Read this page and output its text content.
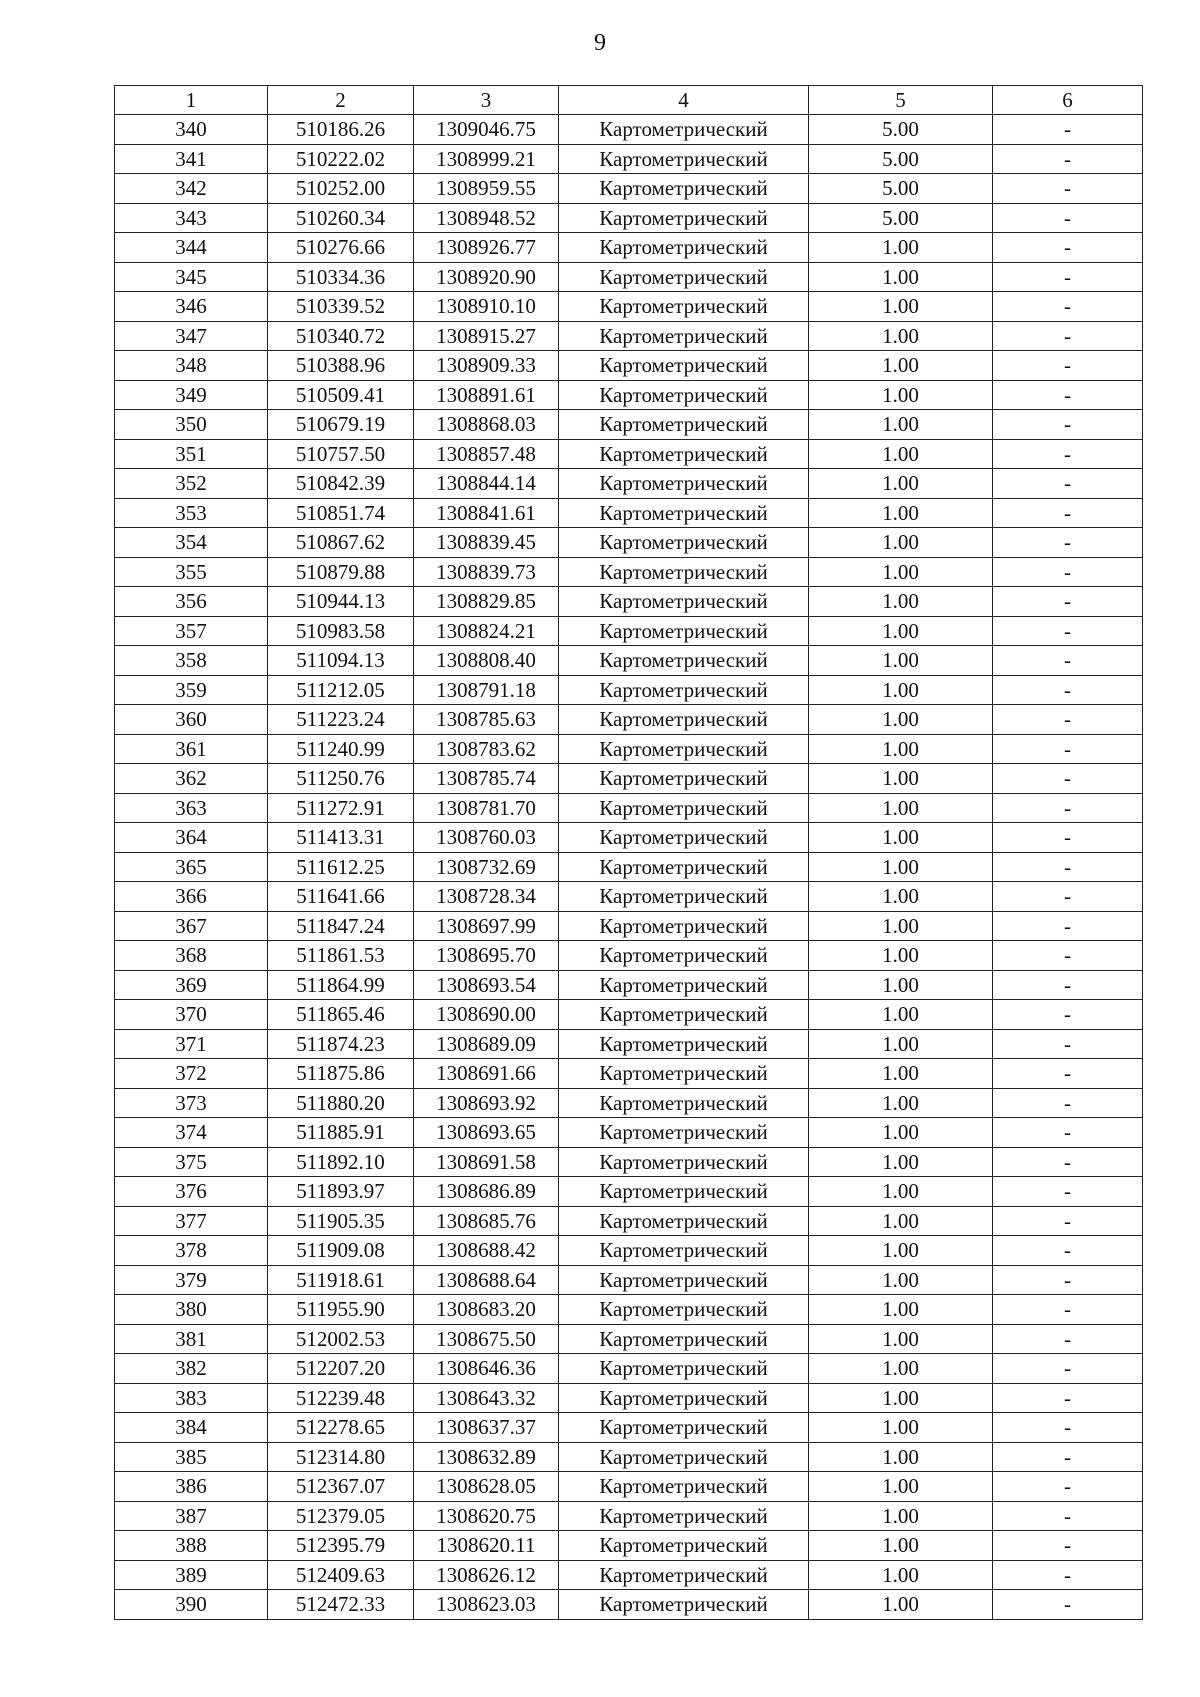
9
1	2	3	4	5	6
340	510186.26	1309046.75	Картометрический	5.00	-
341	510222.02	1308999.21	Картометрический	5.00	-
342	510252.00	1308959.55	Картометрический	5.00	-
343	510260.34	1308948.52	Картометрический	5.00	-
344	510276.66	1308926.77	Картометрический	1.00	-
345	510334.36	1308920.90	Картометрический	1.00	-
346	510339.52	1308910.10	Картометрический	1.00	-
347	510340.72	1308915.27	Картометрический	1.00	-
348	510388.96	1308909.33	Картометрический	1.00	-
349	510509.41	1308891.61	Картометрический	1.00	-
350	510679.19	1308868.03	Картометрический	1.00	-
351	510757.50	1308857.48	Картометрический	1.00	-
352	510842.39	1308844.14	Картометрический	1.00	-
353	510851.74	1308841.61	Картометрический	1.00	-
354	510867.62	1308839.45	Картометрический	1.00	-
355	510879.88	1308839.73	Картометрический	1.00	-
356	510944.13	1308829.85	Картометрический	1.00	-
357	510983.58	1308824.21	Картометрический	1.00	-
358	511094.13	1308808.40	Картометрический	1.00	-
359	511212.05	1308791.18	Картометрический	1.00	-
360	511223.24	1308785.63	Картометрический	1.00	-
361	511240.99	1308783.62	Картометрический	1.00	-
362	511250.76	1308785.74	Картометрический	1.00	-
363	511272.91	1308781.70	Картометрический	1.00	-
364	511413.31	1308760.03	Картометрический	1.00	-
365	511612.25	1308732.69	Картометрический	1.00	-
366	511641.66	1308728.34	Картометрический	1.00	-
367	511847.24	1308697.99	Картометрический	1.00	-
368	511861.53	1308695.70	Картометрический	1.00	-
369	511864.99	1308693.54	Картометрический	1.00	-
370	511865.46	1308690.00	Картометрический	1.00	-
371	511874.23	1308689.09	Картометрический	1.00	-
372	511875.86	1308691.66	Картометрический	1.00	-
373	511880.20	1308693.92	Картометрический	1.00	-
374	511885.91	1308693.65	Картометрический	1.00	-
375	511892.10	1308691.58	Картометрический	1.00	-
376	511893.97	1308686.89	Картометрический	1.00	-
377	511905.35	1308685.76	Картометрический	1.00	-
378	511909.08	1308688.42	Картометрический	1.00	-
379	511918.61	1308688.64	Картометрический	1.00	-
380	511955.90	1308683.20	Картометрический	1.00	-
381	512002.53	1308675.50	Картометрический	1.00	-
382	512207.20	1308646.36	Картометрический	1.00	-
383	512239.48	1308643.32	Картометрический	1.00	-
384	512278.65	1308637.37	Картометрический	1.00	-
385	512314.80	1308632.89	Картометрический	1.00	-
386	512367.07	1308628.05	Картометрический	1.00	-
387	512379.05	1308620.75	Картометрический	1.00	-
388	512395.79	1308620.11	Картометрический	1.00	-
389	512409.63	1308626.12	Картометрический	1.00	-
390	512472.33	1308623.03	Картометрический	1.00	-
